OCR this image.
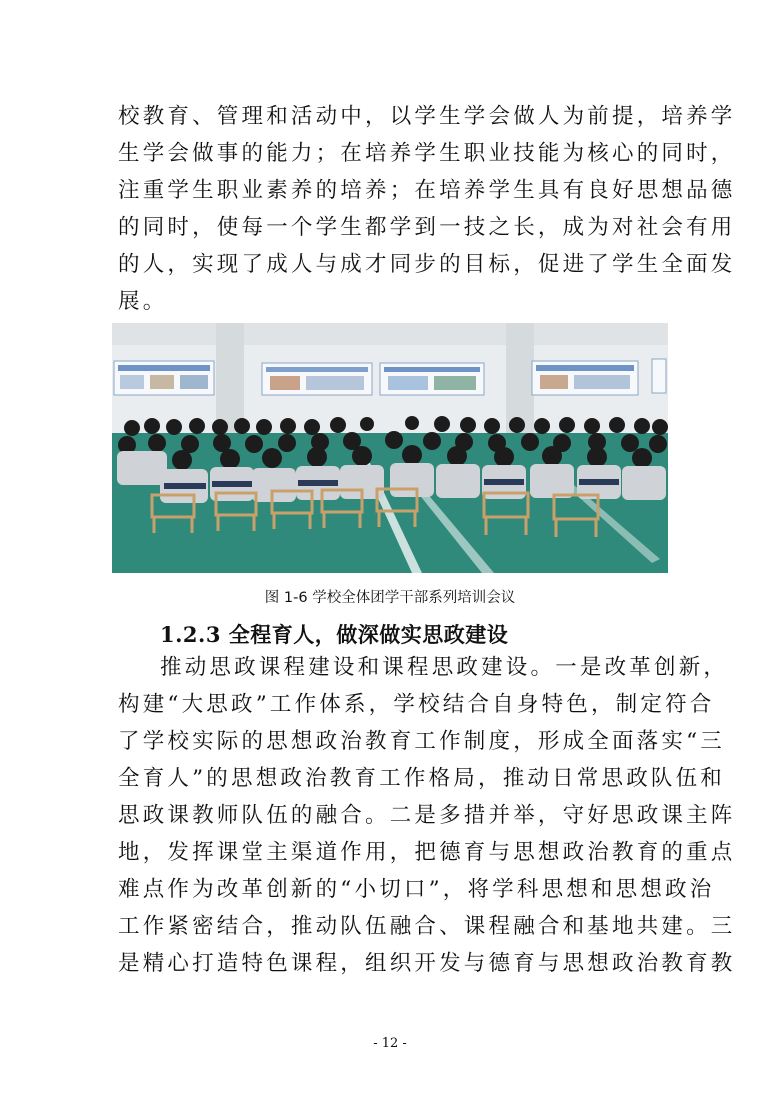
校教育、管理和活动中，以学生学会做人为前提，培养学
生学会做事的能力；在培养学生职业技能为核心的同时，
注重学生职业素养的培养；在培养学生具有良好思想品德
的同时，使每一个学生都学到一技之长，成为对社会有用
的人，实现了成人与成才同步的目标，促进了学生全面发
展。
图 1-6 学校全体团学干部系列培训会议
1.2.3 全程育人，做深做实思政建设
推动思政课程建设和课程思政建设。一是改革创新，
构建“大思政”工作体系，学校结合自身特色，制定符合
了学校实际的思想政治教育工作制度，形成全面落实“三
全育人”的思想政治教育工作格局，推动日常思政队伍和
思政课教师队伍的融合。二是多措并举，守好思政课主阵
地，发挥课堂主渠道作用，把德育与思想政治教育的重点
难点作为改革创新的“小切口”，将学科思想和思想政治
工作紧密结合，推动队伍融合、课程融合和基地共建。三
是精心打造特色课程，组织开发与德育与思想政治教育教
- 12 -
